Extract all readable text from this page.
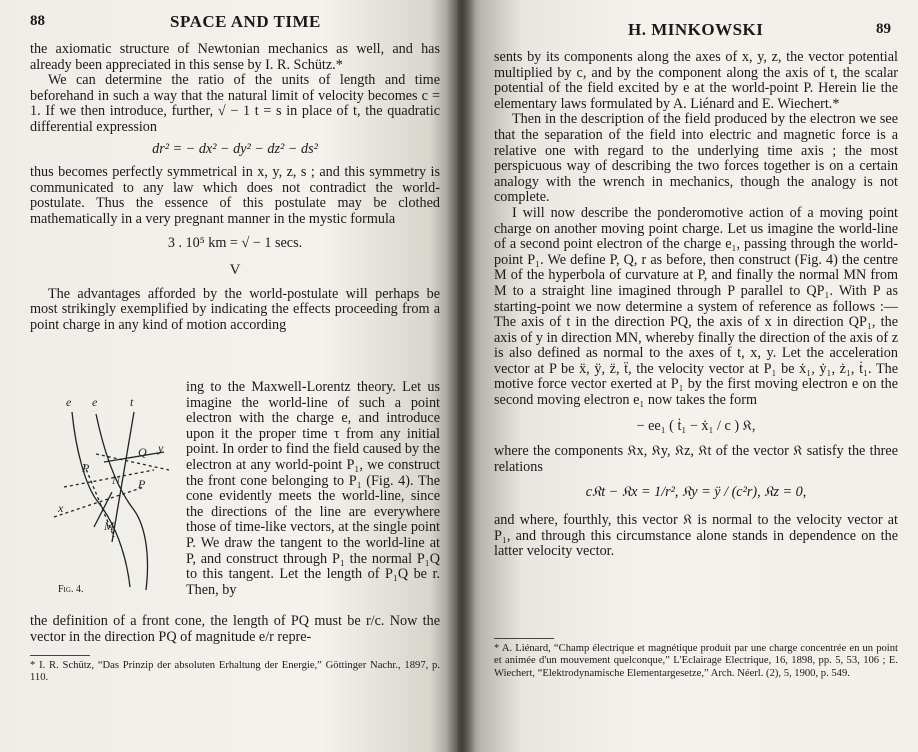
88	SPACE AND TIME

the axiomatic structure of Newtonian mechanics as well, and has already been appreciated in this sense by I. R. Schütz.*

We can determine the ratio of the units of length and time beforehand in such a way that the natural limit of velocity becomes c = 1. If we then introduce, further, √ − 1 t = s in place of t, the quadratic differential expression

dr² = − dx² − dy² − dz² − ds²

thus becomes perfectly symmetrical in x, y, z, s ; and this symmetry is communicated to any law which does not contradict the world-postulate. Thus the essence of this postulate may be clothed mathematically in a very pregnant manner in the mystic formula

3 . 10⁵ km = √ − 1 secs.
V

The advantages afforded by the world-postulate will perhaps be most strikingly exemplified by indicating the effects proceeding from a point charge in any kind of motion according

e e	t
Q y
P
N P
x
M
Fig. 4.

ing to the Maxwell-Lorentz theory. Let us imagine the world-line of such a point electron with the charge e, and introduce upon it the proper time τ from any initial point. In order to find the field caused by the electron at any world-point P₁, we construct the front cone belonging to P₁ (Fig. 4). The cone evidently meets the world-line, since the directions of the line are everywhere those of time-like vectors, at the single point P. We draw the tangent to the world-line at P, and construct through P₁ the normal P₁Q to this tangent. Let the length of P₁Q be r. Then, by

the definition of a front cone, the length of PQ must be r/c. Now the vector in the direction PQ of magnitude e/r repre-

* I. R. Schütz, “Das Prinzip der absoluten Erhaltung der Energie,” Göttinger Nachr., 1897, p. 110.

H. MINKOWSKI	89

sents by its components along the axes of x, y, z, the vector potential multiplied by c, and by the component along the axis of t, the scalar potential of the field excited by e at the world-point P. Herein lie the elementary laws formulated by A. Liénard and E. Wiechert.*

Then in the description of the field produced by the electron we see that the separation of the field into electric and magnetic force is a relative one with regard to the underlying time axis ; the most perspicuous way of describing the two forces together is on a certain analogy with the wrench in mechanics, though the analogy is not complete.

I will now describe the ponderomotive action of a moving point charge on another moving point charge. Let us imagine the world-line of a second point electron of the charge e₁, passing through the world-point P₁. We define P, Q, r as before, then construct (Fig. 4) the centre M of the hyperbola of curvature at P, and finally the normal MN from M to a straight line imagined through P parallel to QP₁. With P as starting-point we now determine a system of reference as follows :—The axis of t in the direction PQ, the axis of x in direction QP₁, the axis of y in direction MN, whereby finally the direction of the axis of z is also defined as normal to the axes of t, x, y. Let the acceleration vector at P be ẍ, ÿ, z̈, ẗ, the velocity vector at P₁ be ẋ₁, ẏ₁, ż₁, ṫ₁. The motive force vector exerted at P₁ by the first moving electron e on the second moving electron e₁ now takes the form

− ee₁ ( ṫ₁ − ẋ₁ / c ) 𝔎,

where the components 𝔎x, 𝔎y, 𝔎z, 𝔎t of the vector 𝔎 satisfy the three relations

c𝔎t − 𝔎x = 1/r², 𝔎y = ÿ / (c²r), 𝔎z = 0,

and where, fourthly, this vector 𝔎 is normal to the velocity vector at P₁, and through this circumstance alone stands in dependence on the latter velocity vector.

* A. Liénard, “Champ électrique et magnétique produit par une charge concentrée en un point et animée d'un mouvement quelconque,” L'Eclairage Electrique, 16, 1898, pp. 5, 53, 106 ; E. Wiechert, “Elektrodynamische Elementargesetze,” Arch. Néerl. (2), 5, 1900, p. 549.
